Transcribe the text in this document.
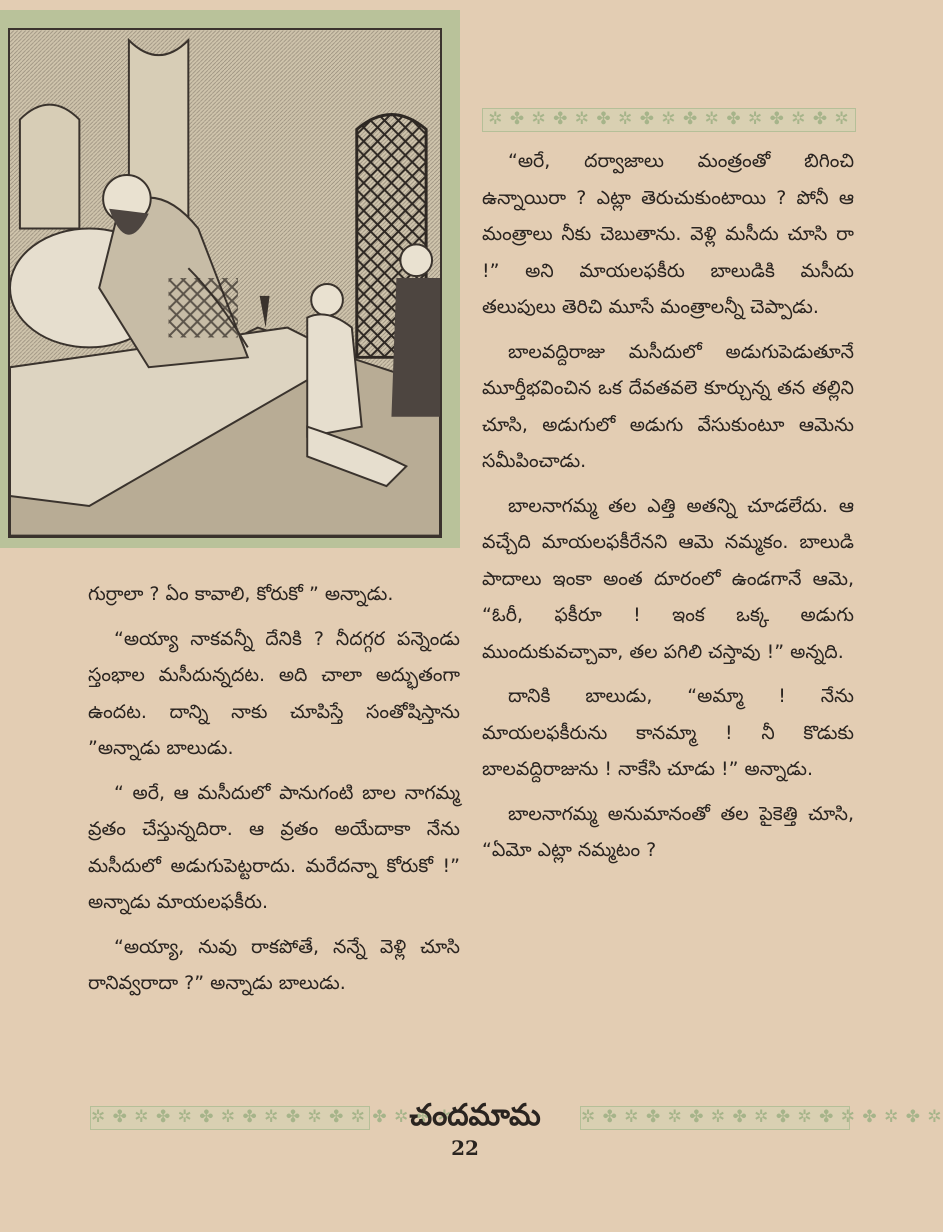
✲ ✤ ✲ ✤ ✲ ✤ ✲ ✤ ✲ ✤ ✲ ✤ ✲ ✤ ✲ ✤ ✲

“అరే, దర్వాజాలు మంత్రంతో బిగించి ఉన్నాయిరా ? ఎట్లా తెరుచుకుంటాయి ? పోనీ ఆ మంత్రాలు నీకు చెబుతాను. వెళ్లి మసీదు చూసి రా !” అని మాయలఫకీరు బాలుడికి మసీదు తలుపులు తెరిచి మూసే మంత్రాలన్నీ చెప్పాడు.

బాలవద్దిరాజు మసీదులో అడుగుపెడుతూనే మూర్తీభవించిన ఒక దేవతవలె కూర్చున్న తన తల్లిని చూసి, అడుగులో అడుగు వేసుకుంటూ ఆమెను సమీపించాడు.

బాలనాగమ్మ తల ఎత్తి అతన్ని చూడలేదు. ఆ వచ్చేది మాయలఫకీరేనని ఆమె నమ్మకం. బాలుడి పాదాలు ఇంకా అంత దూరంలో ఉండగానే ఆమె, “ఓరీ, ఫకీరూ ! ఇంక ఒక్క అడుగు ముందుకువచ్చావా, తల పగిలి చస్తావు !” అన్నది.

దానికి బాలుడు, “అమ్మా ! నేను మాయలఫకీరును కానమ్మా ! నీ కొడుకు బాలవద్దిరాజును ! నాకేసి చూడు !” అన్నాడు.

బాలనాగమ్మ అనుమానంతో తల పైకెత్తి చూసి, “ఏమో ఎట్లా నమ్మటం ?

గుర్రాలా ? ఏం కావాలి, కోరుకో ” అన్నాడు.

“అయ్యా నాకవన్నీ దేనికి ? నీదగ్గర పన్నెండు స్తంభాల మసీదున్నదట. అది చాలా అద్భుతంగా ఉందట. దాన్ని నాకు చూపిస్తే సంతోషిస్తాను ”అన్నాడు బాలుడు.

“ అరే, ఆ మసీదులో పానుగంటి బాల నాగమ్మ వ్రతం చేస్తున్నదిరా. ఆ వ్రతం అయేదాకా నేను మసీదులో అడుగుపెట్టరాదు. మరేదన్నా కోరుకో !” అన్నాడు మాయలఫకీరు.

“అయ్యా, నువు రాకపోతే, నన్నే వెళ్లి చూసి రానివ్వరాదా ?” అన్నాడు బాలుడు.

✲ ✤ ✲ ✤ ✲ ✤ ✲ ✤ ✲ ✤ ✲ ✤ ✲ ✤ ✲ ✤ ✲
చందమామ	✲ ✤ ✲ ✤ ✲ ✤ ✲ ✤ ✲ ✤ ✲ ✤ ✲ ✤ ✲ ✤ ✲
22
